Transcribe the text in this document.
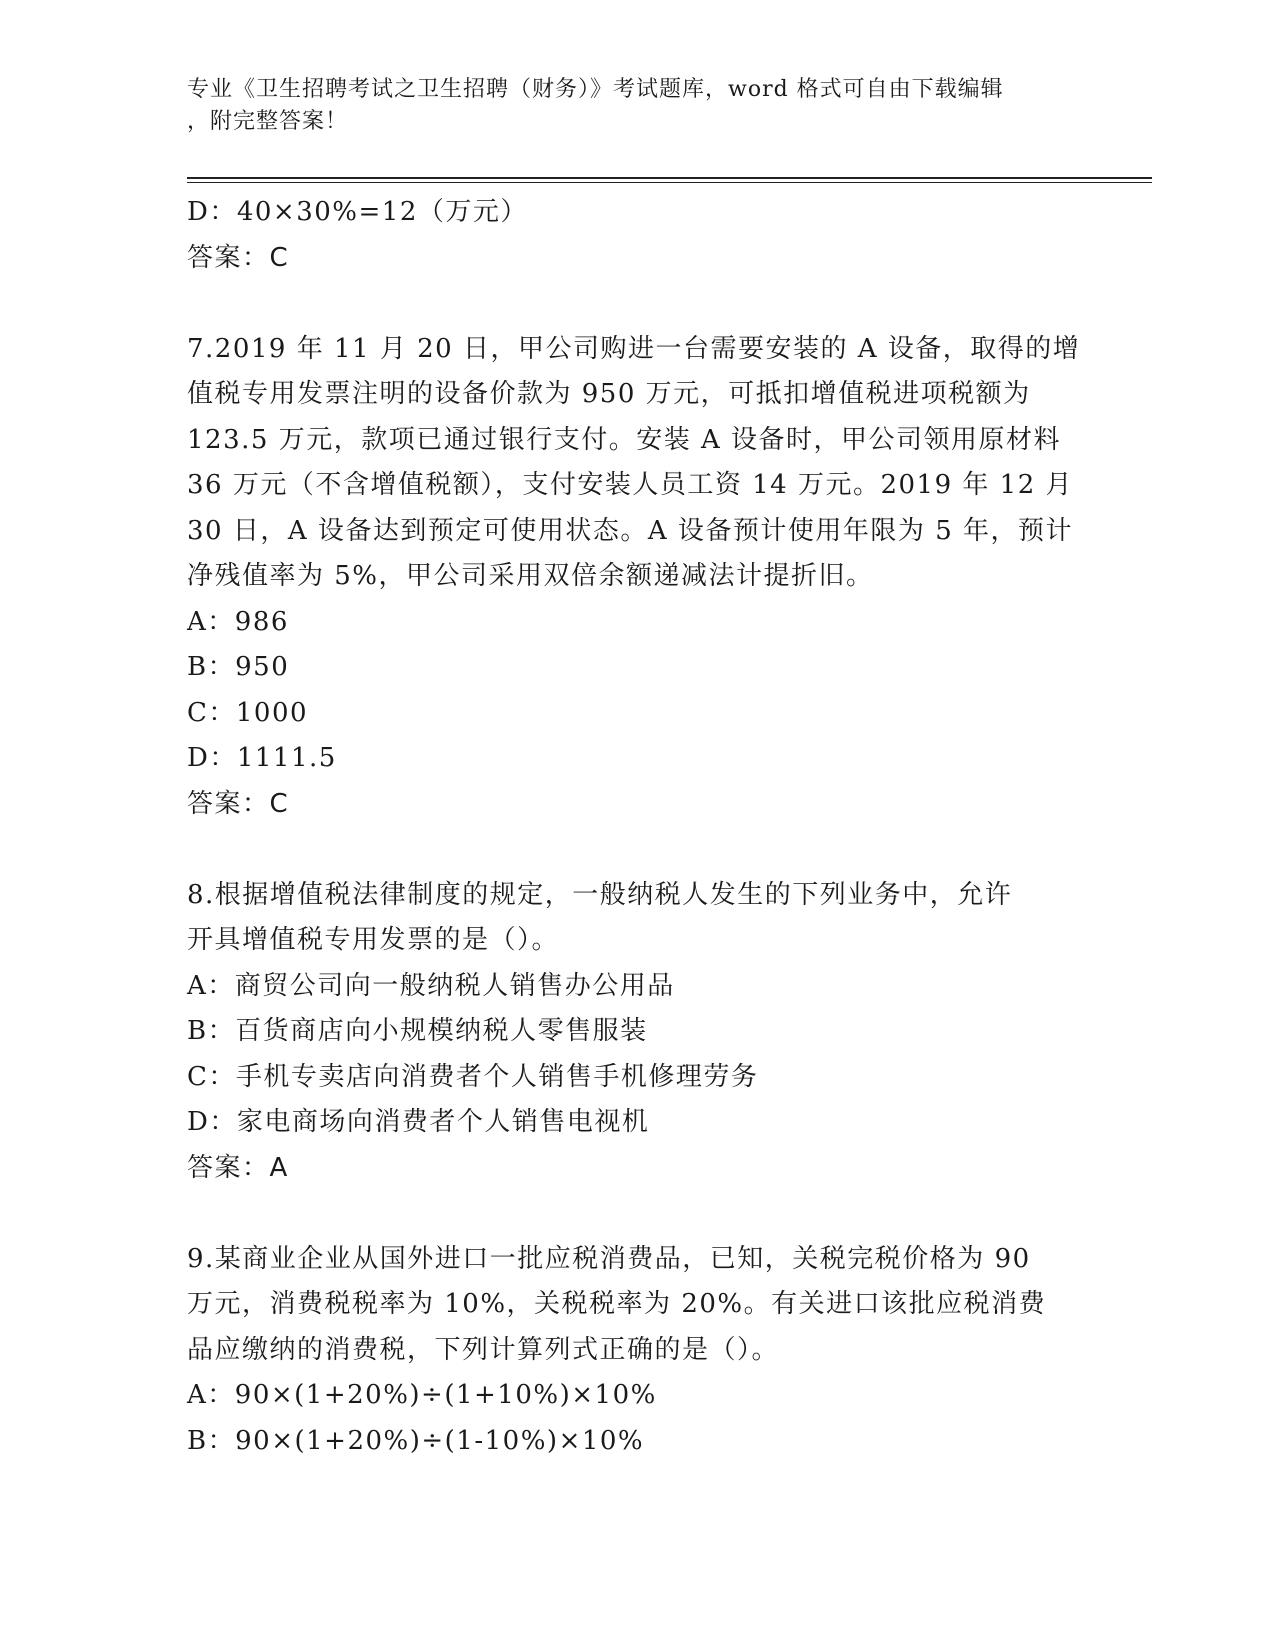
专业《卫生招聘考试之卫生招聘（财务）》考试题库，word 格式可自由下载编辑
，附完整答案！
D：40×30%=12（万元）
答案：C
7.2019 年 11 月 20 日，甲公司购进一台需要安装的 A 设备，取得的增
值税专用发票注明的设备价款为 950 万元，可抵扣增值税进项税额为
123.5 万元，款项已通过银行支付。安装 A 设备时，甲公司领用原材料
36 万元（不含增值税额），支付安装人员工资 14 万元。2019 年 12 月
30 日，A 设备达到预定可使用状态。A 设备预计使用年限为 5 年，预计
净残值率为 5%，甲公司采用双倍余额递减法计提折旧。
A：986
B：950
C：1000
D：1111.5
答案：C
8.根据增值税法律制度的规定，一般纳税人发生的下列业务中，允许
开具增值税专用发票的是（）。
A：商贸公司向一般纳税人销售办公用品
B：百货商店向小规模纳税人零售服装
C：手机专卖店向消费者个人销售手机修理劳务
D：家电商场向消费者个人销售电视机
答案：A
9.某商业企业从国外进口一批应税消费品，已知，关税完税价格为 90
万元，消费税税率为 10%，关税税率为 20%。有关进口该批应税消费
品应缴纳的消费税，下列计算列式正确的是（）。
A：90×(1+20%)÷(1+10%)×10%
B：90×(1+20%)÷(1-10%)×10%
